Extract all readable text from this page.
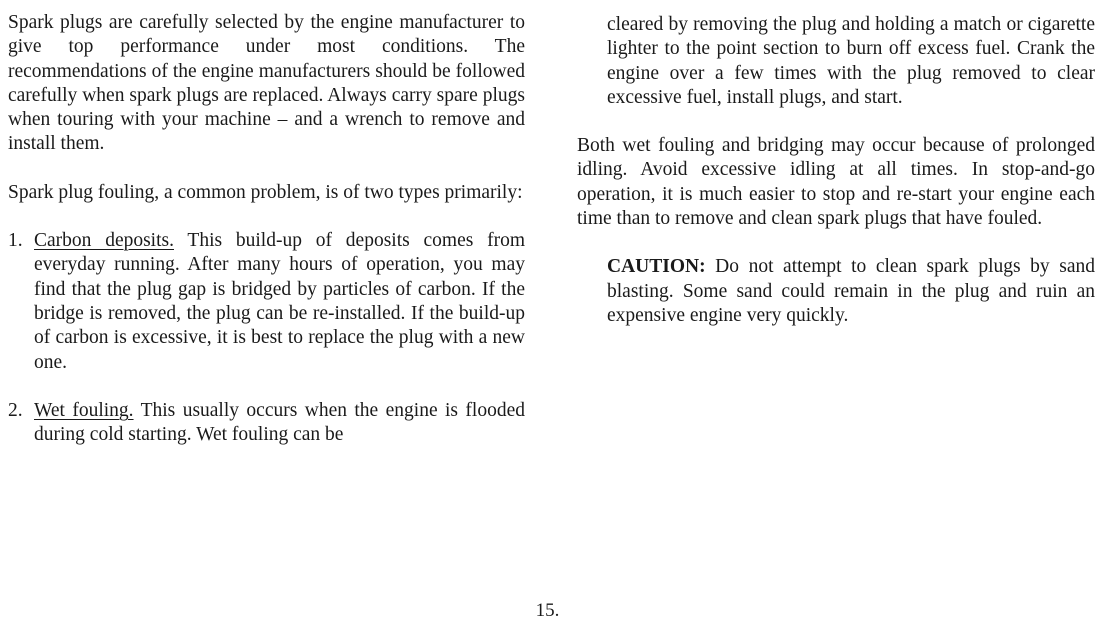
Spark plugs are carefully selected by the engine manufacturer to give top performance under most conditions. The recommendations of the engine manufacturers should be followed carefully when spark plugs are replaced. Always carry spare plugs when touring with your machine – and a wrench to remove and install them.

Spark plug fouling, a common problem, is of two types primarily:

1. Carbon deposits. This build-up of deposits comes from everyday running. After many hours of operation, you may find that the plug gap is bridged by particles of carbon. If the bridge is removed, the plug can be re-installed. If the build-up of carbon is excessive, it is best to replace the plug with a new one.
2. Wet fouling. This usually occurs when the engine is flooded during cold starting. Wet fouling can be

cleared by removing the plug and holding a match or cigarette lighter to the point section to burn off excess fuel. Crank the engine over a few times with the plug removed to clear excessive fuel, install plugs, and start.

Both wet fouling and bridging may occur because of prolonged idling. Avoid excessive idling at all times. In stop-and-go operation, it is much easier to stop and re-start your engine each time than to remove and clean spark plugs that have fouled.

CAUTION: Do not attempt to clean spark plugs by sand blasting. Some sand could remain in the plug and ruin an expensive engine very quickly.

15.
